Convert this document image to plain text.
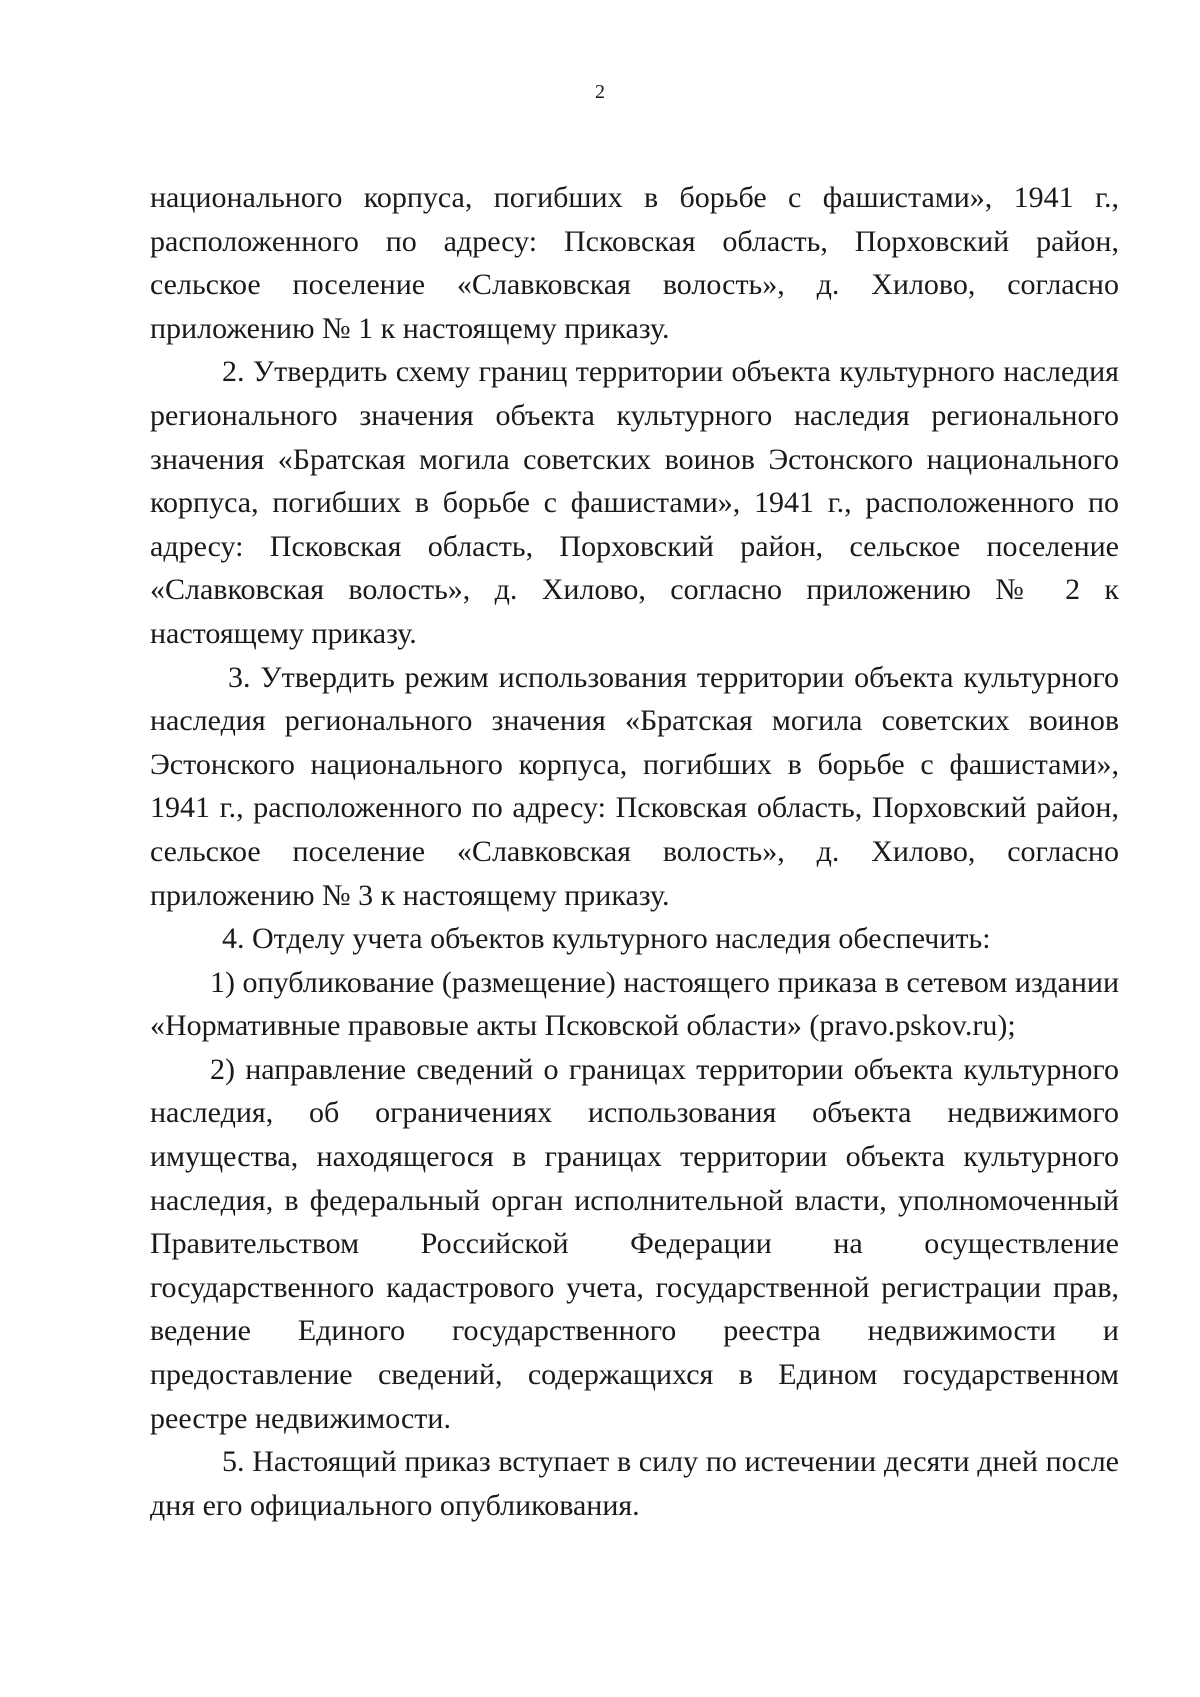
2

национального корпуса, погибших в борьбе с фашистами», 1941 г., расположенного по адресу: Псковская область, Порховский район, сельское поселение «Славковская волость», д. Хилово, согласно приложению № 1 к настоящему приказу.

2. Утвердить схему границ территории объекта культурного наследия регионального значения объекта культурного наследия регионального значения «Братская могила советских воинов Эстонского национального корпуса, погибших в борьбе с фашистами», 1941 г., расположенного по адресу: Псковская область, Порховский район, сельское поселение «Славковская волость», д. Хилово, согласно приложению № 2 к настоящему приказу.

3. Утвердить режим использования территории объекта культурного наследия регионального значения «Братская могила советских воинов Эстонского национального корпуса, погибших в борьбе с фашистами», 1941 г., расположенного по адресу: Псковская область, Порховский район, сельское поселение «Славковская волость», д. Хилово, согласно приложению № 3 к настоящему приказу.

4. Отделу учета объектов культурного наследия обеспечить:

1) опубликование (размещение) настоящего приказа в сетевом издании «Нормативные правовые акты Псковской области» (pravo.pskov.ru);

2) направление сведений о границах территории объекта культурного наследия, об ограничениях использования объекта недвижимого имущества, находящегося в границах территории объекта культурного наследия, в федеральный орган исполнительной власти, уполномоченный Правительством Российской Федерации на осуществление государственного кадастрового учета, государственной регистрации прав, ведение Единого государственного реестра недвижимости и предоставление сведений, содержащихся в Едином государственном реестре недвижимости.

5. Настоящий приказ вступает в силу по истечении десяти дней после дня его официального опубликования.
